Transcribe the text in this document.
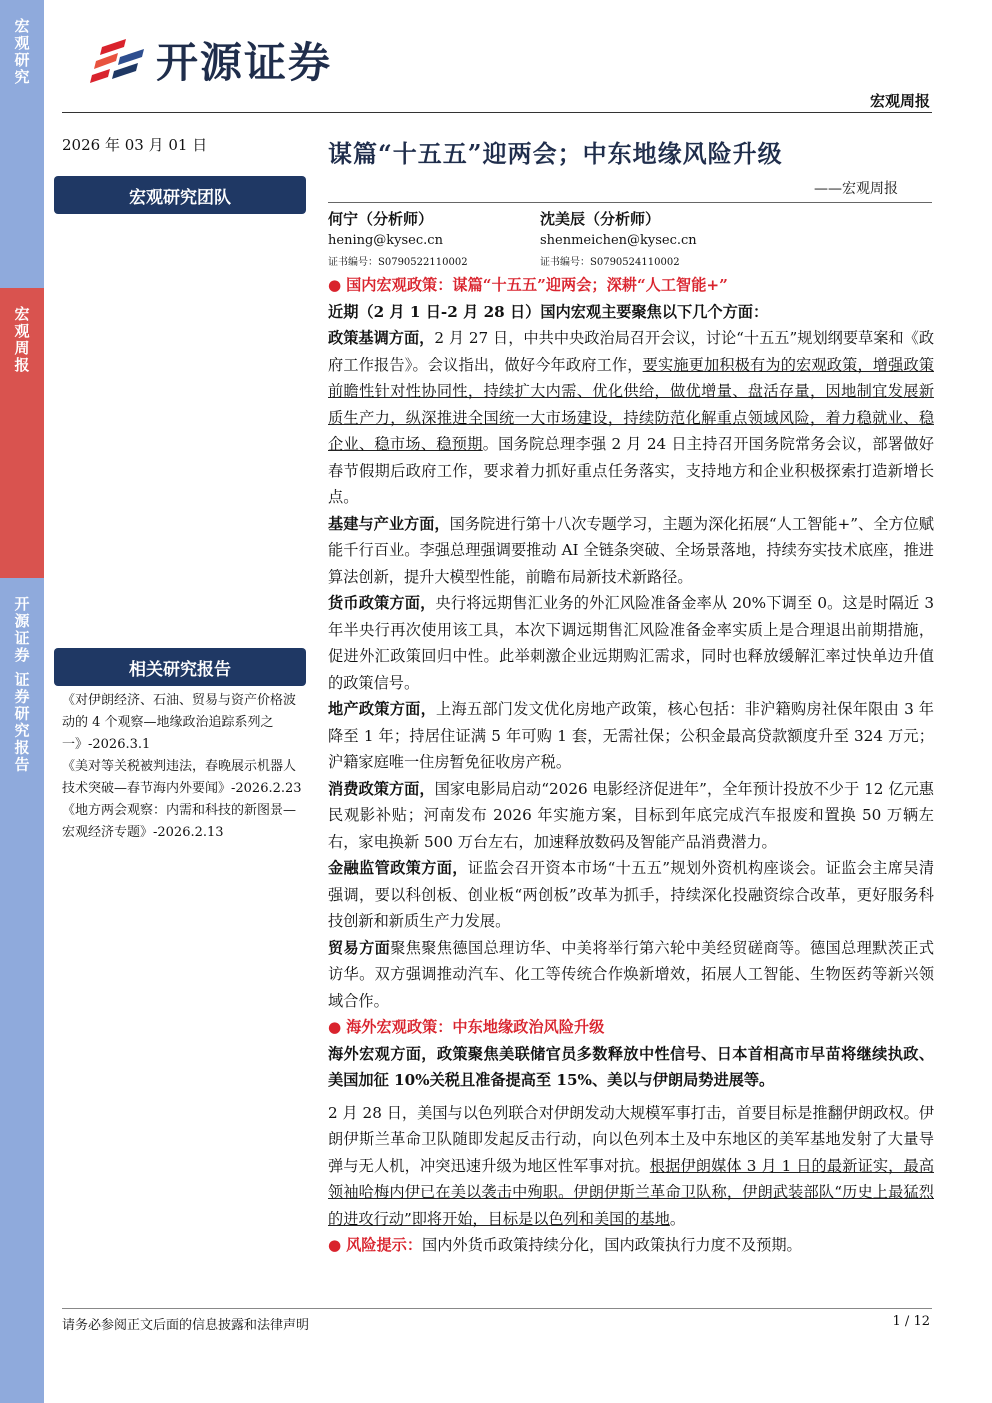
宏观研究
宏观周报
开源证券 证券研究报告
开源证券
宏观周报
2026 年 03 月 01 日
宏观研究团队
相关研究报告

《对伊朗经济、石油、贸易与资产价格波动的 4 个观察—地缘政治追踪系列之一》-2026.3.1

《美对等关税被判违法，春晚展示机器人技术突破—春节海内外要闻》-2026.2.23

《地方两会观察：内需和科技的新图景—宏观经济专题》-2026.2.13

谋篇“十五五”迎两会；中东地缘风险升级
——宏观周报
何宁（分析师）
hening@kysec.cn
证书编号：S0790522110002
沈美辰（分析师）
shenmeichen@kysec.cn
证书编号：S0790524110002

● 国内宏观政策：谋篇“十五五”迎两会；深耕“人工智能+”

近期（2 月 1 日-2 月 28 日）国内宏观主要聚焦以下几个方面：

政策基调方面，2 月 27 日，中共中央政治局召开会议，讨论“十五五”规划纲要草案和《政府工作报告》。会议指出，做好今年政府工作，要实施更加积极有为的宏观政策，增强政策前瞻性针对性协同性，持续扩大内需、优化供给，做优增量、盘活存量，因地制宜发展新质生产力，纵深推进全国统一大市场建设，持续防范化解重点领域风险，着力稳就业、稳企业、稳市场、稳预期。国务院总理李强 2 月 24 日主持召开国务院常务会议，部署做好春节假期后政府工作，要求着力抓好重点任务落实，支持地方和企业积极探索打造新增长点。

基建与产业方面，国务院进行第十八次专题学习，主题为深化拓展“人工智能+”、全方位赋能千行百业。李强总理强调要推动 AI 全链条突破、全场景落地，持续夯实技术底座，推进算法创新，提升大模型性能，前瞻布局新技术新路径。

货币政策方面，央行将远期售汇业务的外汇风险准备金率从 20%下调至 0。这是时隔近 3 年半央行再次使用该工具，本次下调远期售汇风险准备金率实质上是合理退出前期措施，促进外汇政策回归中性。此举刺激企业远期购汇需求，同时也释放缓解汇率过快单边升值的政策信号。

地产政策方面，上海五部门发文优化房地产政策，核心包括：非沪籍购房社保年限由 3 年降至 1 年；持居住证满 5 年可购 1 套，无需社保；公积金最高贷款额度升至 324 万元；沪籍家庭唯一住房暂免征收房产税。

消费政策方面，国家电影局启动“2026 电影经济促进年”，全年预计投放不少于 12 亿元惠民观影补贴；河南发布 2026 年实施方案，目标到年底完成汽车报废和置换 50 万辆左右，家电换新 500 万台左右，加速释放数码及智能产品消费潜力。

金融监管政策方面，证监会召开资本市场“十五五”规划外资机构座谈会。证监会主席吴清强调，要以科创板、创业板“两创板”改革为抓手，持续深化投融资综合改革，更好服务科技创新和新质生产力发展。

贸易方面聚焦聚焦德国总理访华、中美将举行第六轮中美经贸磋商等。德国总理默茨正式访华。双方强调推动汽车、化工等传统合作焕新增效，拓展人工智能、生物医药等新兴领域合作。

● 海外宏观政策：中东地缘政治风险升级

海外宏观方面，政策聚焦美联储官员多数释放中性信号、日本首相高市早苗将继续执政、美国加征 10%关税且准备提高至 15%、美以与伊朗局势进展等。

2 月 28 日，美国与以色列联合对伊朗发动大规模军事打击，首要目标是推翻伊朗政权。伊朗伊斯兰革命卫队随即发起反击行动，向以色列本土及中东地区的美军基地发射了大量导弹与无人机，冲突迅速升级为地区性军事对抗。根据伊朗媒体 3 月 1 日的最新证实，最高领袖哈梅内伊已在美以袭击中殉职。伊朗伊斯兰革命卫队称，伊朗武装部队“历史上最猛烈的进攻行动”即将开始，目标是以色列和美国的基地。

● 风险提示：国内外货币政策持续分化，国内政策执行力度不及预期。

请务必参阅正文后面的信息披露和法律声明	1 / 12
